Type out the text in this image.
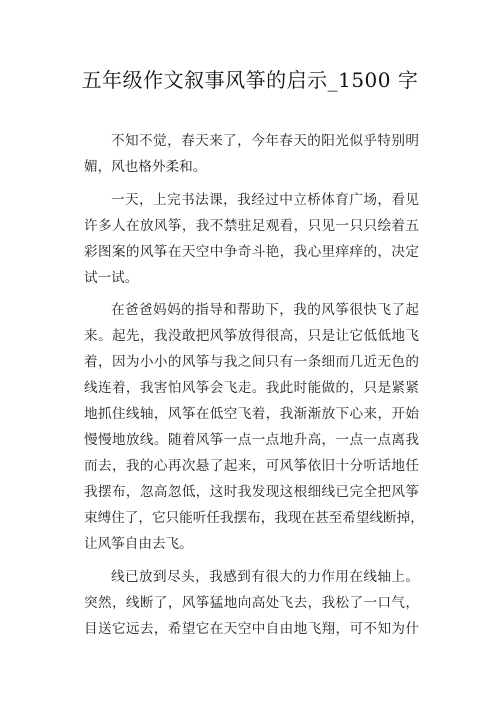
五年级作文叙事风筝的启示_1500 字
不知不觉，春天来了，今年春天的阳光似乎特别明
媚，风也格外柔和。
一天，上完书法课，我经过中立桥体育广场，看见
许多人在放风筝，我不禁驻足观看，只见一只只绘着五
彩图案的风筝在天空中争奇斗艳，我心里痒痒的，决定
试一试。
在爸爸妈妈的指导和帮助下，我的风筝很快飞了起
来。起先，我没敢把风筝放得很高，只是让它低低地飞
着，因为小小的风筝与我之间只有一条细而几近无色的
线连着，我害怕风筝会飞走。我此时能做的，只是紧紧
地抓住线轴，风筝在低空飞着，我渐渐放下心来，开始
慢慢地放线。随着风筝一点一点地升高，一点一点离我
而去，我的心再次悬了起来，可风筝依旧十分听话地任
我摆布，忽高忽低，这时我发现这根细线已完全把风筝
束缚住了，它只能听任我摆布，我现在甚至希望线断掉，
让风筝自由去飞。
线已放到尽头，我感到有很大的力作用在线轴上。
突然，线断了，风筝猛地向高处飞去，我松了一口气，
目送它远去，希望它在天空中自由地飞翔，可不知为什
